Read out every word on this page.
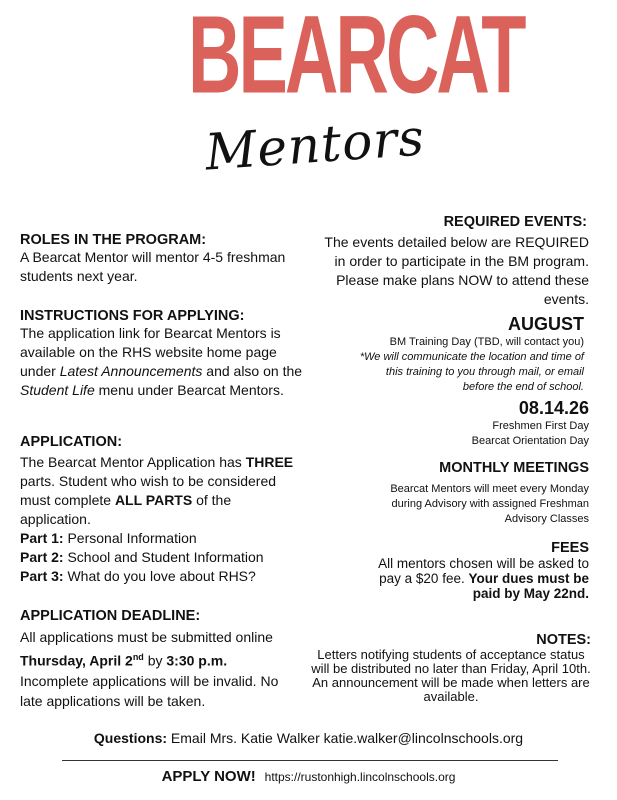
BEARCAT
Mentors

ROLES IN THE PROGRAM:

A Bearcat Mentor will mentor 4-5 freshman students next year.

INSTRUCTIONS FOR APPLYING:

The application link for Bearcat Mentors is available on the RHS website home page under Latest Announcements and also on the Student Life menu under Bearcat Mentors.

APPLICATION:

The Bearcat Mentor Application has THREE parts. Student who wish to be considered must complete ALL PARTS of the application.

Part 1: Personal Information

Part 2: School and Student Information

Part 3: What do you love about RHS?

APPLICATION DEADLINE:

All applications must be submitted online Thursday, April 2nd by 3:30 p.m. Incomplete applications will be invalid. No late applications will be taken.

REQUIRED EVENTS:

The events detailed below are REQUIRED in order to participate in the BM program. Please make plans NOW to attend these events.

AUGUST

BM Training Day (TBD, will contact you)

*We will communicate the location and time of this training to you through mail, or email before the end of school.

08.14.26

Freshmen First Day

Bearcat Orientation Day

MONTHLY MEETINGS

Bearcat Mentors will meet every Monday during Advisory with assigned Freshman Advisory Classes

FEES

All mentors chosen will be asked to pay a $20 fee. Your dues must be paid by May 22nd.

NOTES:

Letters notifying students of acceptance status will be distributed no later than Friday, April 10th. An announcement will be made when letters are available.

Questions: Email Mrs. Katie Walker katie.walker@lincolnschools.org
APPLY NOW! https://rustonhigh.lincolnschools.org
